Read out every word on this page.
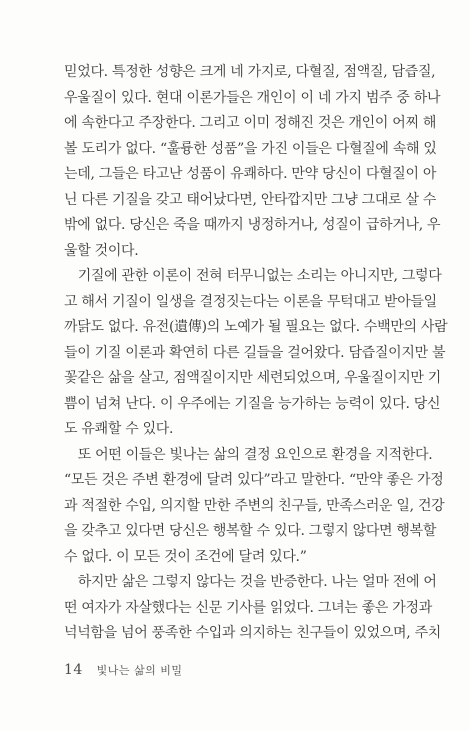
믿었다. 특정한 성향은 크게 네 가지로, 다혈질, 점액질, 담즙질,
우울질이 있다. 현대 이론가들은 개인이 이 네 가지 범주 중 하나
에 속한다고 주장한다. 그리고 이미 정해진 것은 개인이 어찌 해
볼 도리가 없다. “훌륭한 성품”을 가진 이들은 다혈질에 속해 있
는데, 그들은 타고난 성품이 유쾌하다. 만약 당신이 다혈질이 아
닌 다른 기질을 갖고 태어났다면, 안타깝지만 그냥 그대로 살 수
밖에 없다. 당신은 죽을 때까지 냉정하거나, 성질이 급하거나, 우
울할 것이다.
　기질에 관한 이론이 전혀 터무니없는 소리는 아니지만, 그렇다
고 해서 기질이 일생을 결정짓는다는 이론을 무턱대고 받아들일
까닭도 없다. 유전(遺傳)의 노예가 될 필요는 없다. 수백만의 사람
들이 기질 이론과 확연히 다른 길들을 걸어왔다. 담즙질이지만 불
꽃같은 삶을 살고, 점액질이지만 세련되었으며, 우울질이지만 기
쁨이 넘쳐 난다. 이 우주에는 기질을 능가하는 능력이 있다. 당신
도 유쾌할 수 있다.
　또 어떤 이들은 빛나는 삶의 결정 요인으로 환경을 지적한다.
“모든 것은 주변 환경에 달려 있다”라고 말한다. “만약 좋은 가정
과 적절한 수입, 의지할 만한 주변의 친구들, 만족스러운 일, 건강
을 갖추고 있다면 당신은 행복할 수 있다. 그렇지 않다면 행복할
수 없다. 이 모든 것이 조건에 달려 있다.”
　하지만 삶은 그렇지 않다는 것을 반증한다. 나는 얼마 전에 어
떤 여자가 자살했다는 신문 기사를 읽었다. 그녀는 좋은 가정과
넉넉함을 넘어 풍족한 수입과 의지하는 친구들이 있었으며, 주치
14 빛나는 삶의 비밀
